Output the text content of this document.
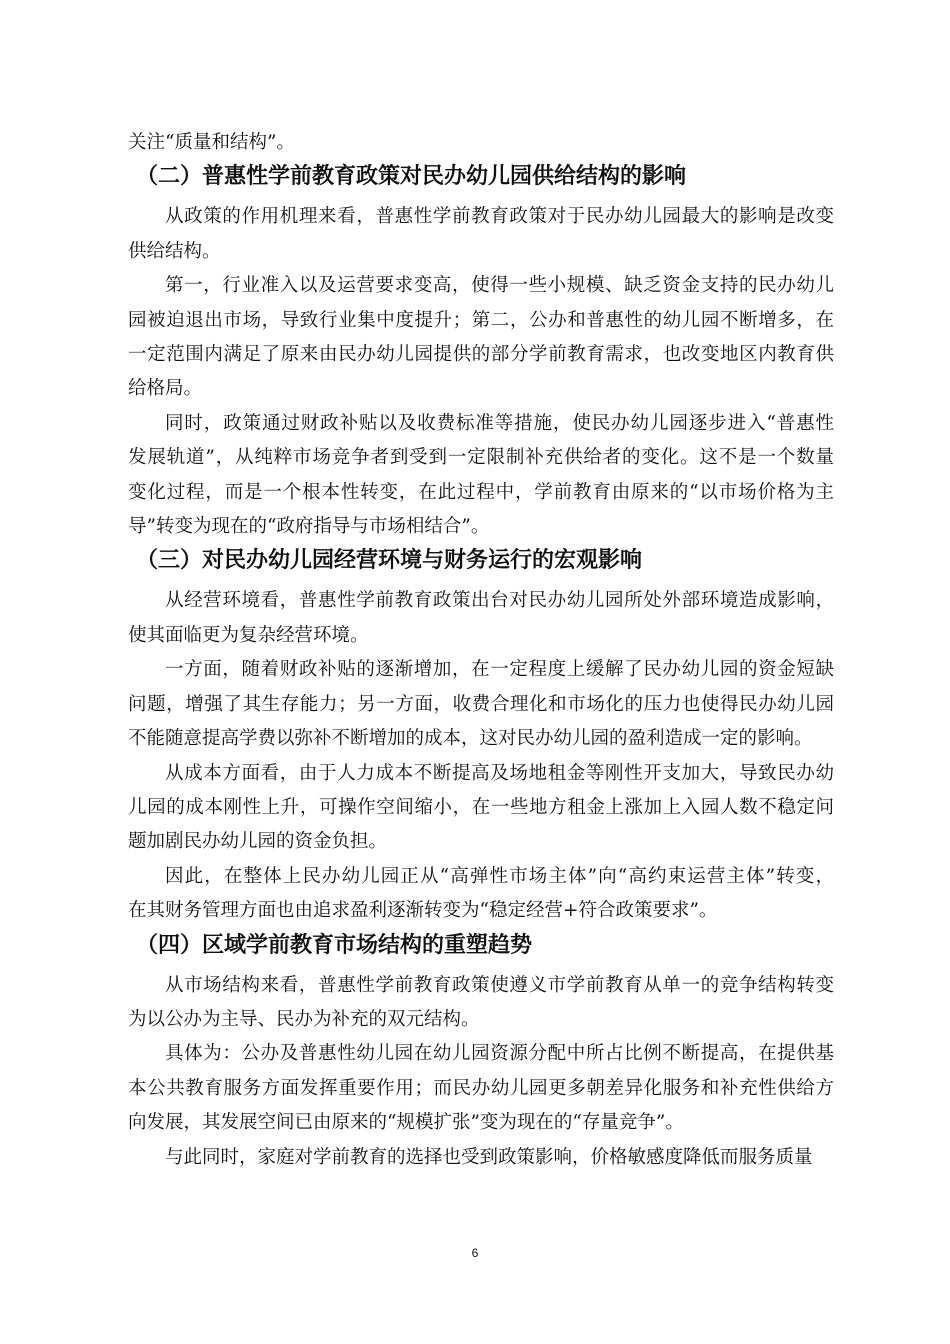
关注“质量和结构”。

（二）普惠性学前教育政策对民办幼儿园供给结构的影响

从政策的作用机理来看，普惠性学前教育政策对于民办幼儿园最大的影响是改变

供给结构。

第一，行业准入以及运营要求变高，使得一些小规模、缺乏资金支持的民办幼儿

园被迫退出市场，导致行业集中度提升；第二，公办和普惠性的幼儿园不断增多，在

一定范围内满足了原来由民办幼儿园提供的部分学前教育需求，也改变地区内教育供

给格局。

同时，政策通过财政补贴以及收费标准等措施，使民办幼儿园逐步进入“普惠性

发展轨道”，从纯粹市场竞争者到受到一定限制补充供给者的变化。这不是一个数量

变化过程，而是一个根本性转变，在此过程中，学前教育由原来的“以市场价格为主

导”转变为现在的“政府指导与市场相结合”。

（三）对民办幼儿园经营环境与财务运行的宏观影响

从经营环境看，普惠性学前教育政策出台对民办幼儿园所处外部环境造成影响，

使其面临更为复杂经营环境。

一方面，随着财政补贴的逐渐增加，在一定程度上缓解了民办幼儿园的资金短缺

问题，增强了其生存能力；另一方面，收费合理化和市场化的压力也使得民办幼儿园

不能随意提高学费以弥补不断增加的成本，这对民办幼儿园的盈利造成一定的影响。

从成本方面看，由于人力成本不断提高及场地租金等刚性开支加大，导致民办幼

儿园的成本刚性上升，可操作空间缩小，在一些地方租金上涨加上入园人数不稳定问

题加剧民办幼儿园的资金负担。

因此，在整体上民办幼儿园正从“高弹性市场主体”向“高约束运营主体”转变，

在其财务管理方面也由追求盈利逐渐转变为“稳定经营+符合政策要求”。

（四）区域学前教育市场结构的重塑趋势

从市场结构来看，普惠性学前教育政策使遵义市学前教育从单一的竞争结构转变

为以公办为主导、民办为补充的双元结构。

具体为：公办及普惠性幼儿园在幼儿园资源分配中所占比例不断提高，在提供基

本公共教育服务方面发挥重要作用；而民办幼儿园更多朝差异化服务和补充性供给方

向发展，其发展空间已由原来的“规模扩张”变为现在的“存量竞争”。

与此同时，家庭对学前教育的选择也受到政策影响，价格敏感度降低而服务质量

6
